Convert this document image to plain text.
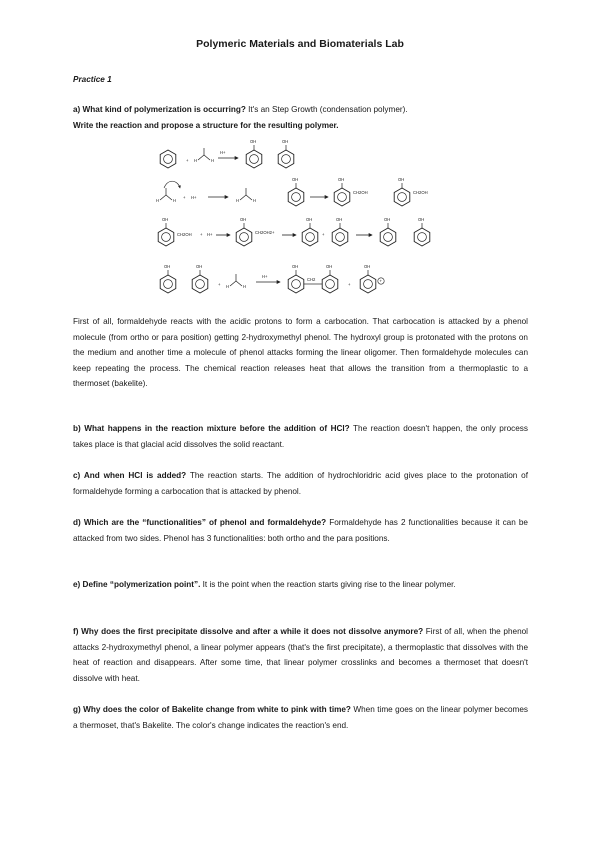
Polymeric Materials and Biomaterials Lab
Practice 1

a) What kind of polymerization is occurring? It's an Step Growth (condensation polymer).
Write the reaction and propose a structure for the resulting polymer.

+ H	H
H+
OH	OH
H	H
+ H+
H	H
OH	OH
CH2OH
OH
CH2OH
OH
CH2OH + H+
OH
CH2OH2+
OH
+
OH	OH	OH
OH	OH
+ H	H
H+
OH
CH2
OH
+
OH
+

First of all, formaldehyde reacts with the acidic protons to form a carbocation. That carbocation is attacked by a phenol molecule (from ortho or para position) getting 2-hydroxymethyl phenol. The hydroxyl group is protonated with the protons on the medium and another time a molecule of phenol attacks forming the linear oligomer. Then formaldehyde molecules can keep repeating the process. The chemical reaction releases heat that allows the transition from a thermoplastic to a thermoset (bakelite).

b) What happens in the reaction mixture before the addition of HCl? The reaction doesn't happen, the only process takes place is that glacial acid dissolves the solid reactant.

c) And when HCl is added? The reaction starts. The addition of hydrochloridric acid gives place to the protonation of formaldehyde forming a carbocation that is attacked by phenol.

d) Which are the “functionalities” of phenol and formaldehyde? Formaldehyde has 2 functionalities because it can be attacked from two sides. Phenol has 3 functionalities: both ortho and the para positions.

e) Define “polymerization point”. It is the point when the reaction starts giving rise to the linear polymer.

f) Why does the first precipitate dissolve and after a while it does not dissolve anymore? First of all, when the phenol attacks 2-hydroxymethyl phenol, a linear polymer appears (that's the first precipitate), a thermoplastic that dissolves with the heat of reaction and disappears. After some time, that linear polymer crosslinks and becomes a thermoset that doesn't dissolve with heat.

g) Why does the color of Bakelite change from white to pink with time? When time goes on the linear polymer becomes a thermoset, that's Bakelite. The color's change indicates the reaction's end.
